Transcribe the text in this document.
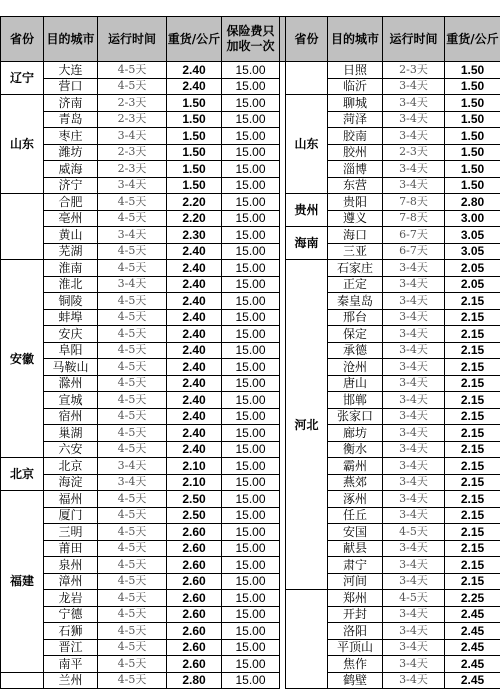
省份	目的城市	运行时间	重货/公斤	保险费只加收一次		省份	目的城市	运行时间	重货/公斤
辽宁	大连	4-5天	2.40	15.00			日照	2-3天	1.50
	营口	4-5天	2.40	15.00			临沂	3-4天	1.50
山东	济南	2-3天	1.50	15.00		山东	聊城	3-4天	1.50
	青岛	2-3天	1.50	15.00			菏泽	3-4天	1.50
	枣庄	3-4天	1.50	15.00			胶南	3-4天	1.50
	潍坊	2-3天	1.50	15.00			胶州	2-3天	1.50
	威海	2-3天	1.50	15.00			淄博	3-4天	1.50
	济宁	3-4天	1.50	15.00			东营	3-4天	1.50
	合肥	4-5天	2.20	15.00		贵州	贵阳	7-8天	2.80
	亳州	4-5天	2.20	15.00			遵义	7-8天	3.00
	黄山	3-4天	2.30	15.00		海南	海口	6-7天	3.05
	芜湖	4-5天	2.40	15.00			三亚	6-7天	3.05
安徽	淮南	4-5天	2.40	15.00		河北	石家庄	3-4天	2.05
	淮北	3-4天	2.40	15.00			正定	3-4天	2.05
	铜陵	4-5天	2.40	15.00			秦皇岛	3-4天	2.15
	蚌埠	4-5天	2.40	15.00			邢台	3-4天	2.15
	安庆	4-5天	2.40	15.00			保定	3-4天	2.15
	阜阳	4-5天	2.40	15.00			承德	3-4天	2.15
	马鞍山	4-5天	2.40	15.00			沧州	3-4天	2.15
	滁州	4-5天	2.40	15.00			唐山	3-4天	2.15
	宣城	4-5天	2.40	15.00			邯郸	3-4天	2.15
	宿州	4-5天	2.40	15.00			张家口	3-4天	2.15
	巢湖	4-5天	2.40	15.00			廊坊	3-4天	2.15
	六安	4-5天	2.40	15.00			衡水	3-4天	2.15
北京	北京	3-4天	2.10	15.00			霸州	3-4天	2.15
	海淀	3-4天	2.10	15.00			燕郊	3-4天	2.15
福建	福州	4-5天	2.50	15.00			涿州	3-4天	2.15
	厦门	4-5天	2.50	15.00			任丘	3-4天	2.15
	三明	4-5天	2.60	15.00			安国	4-5天	2.15
	莆田	4-5天	2.60	15.00			献县	3-4天	2.15
	泉州	4-5天	2.60	15.00			肃宁	3-4天	2.15
	漳州	4-5天	2.60	15.00			河间	3-4天	2.15
	龙岩	4-5天	2.60	15.00			郑州	4-5天	2.25
	宁德	4-5天	2.60	15.00			开封	3-4天	2.45
	石狮	4-5天	2.60	15.00			洛阳	3-4天	2.45
	晋江	4-5天	2.60	15.00			平顶山	3-4天	2.45
	南平	4-5天	2.60	15.00			焦作	3-4天	2.45
	兰州	4-5天	2.80	15.00			鹤壁	3-4天	2.45
